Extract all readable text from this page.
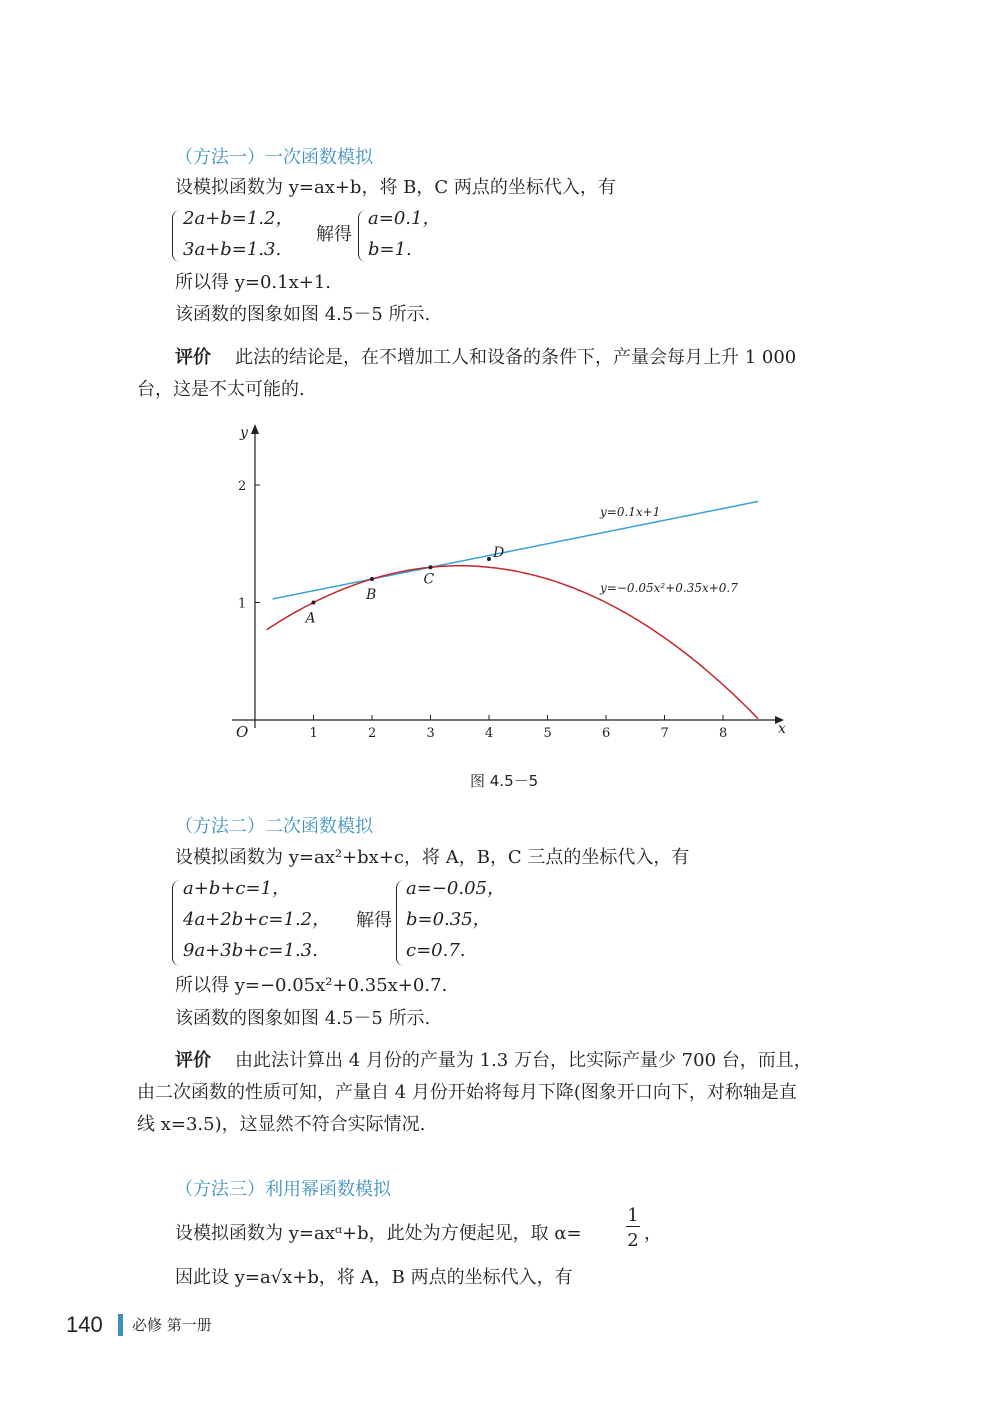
（方法一）一次函数模拟
设模拟函数为 y=ax+b，将 B，C 两点的坐标代入，有
2a+b=1.2，
3a+b=1.3.
解得
a=0.1，
b=1.
所以得 y=0.1x+1.
该函数的图象如图 4.5－5 所示.
评价 此法的结论是，在不增加工人和设备的条件下，产量会每月上升 1 000
台，这是不太可能的.
x
y
O	1	2	3	4	5	6	7	8
1
2
y=0.1x+1
y=−0.05x²+0.35x+0.7
A
B
C
D
图 4.5－5
（方法二）二次函数模拟
设模拟函数为 y=ax²+bx+c，将 A，B，C 三点的坐标代入，有
a+b+c=1，
4a+2b+c=1.2，
9a+3b+c=1.3.
解得
a=−0.05，
b=0.35，
c=0.7.
所以得 y=−0.05x²+0.35x+0.7.
该函数的图象如图 4.5－5 所示.
评价 由此法计算出 4 月份的产量为 1.3 万台，比实际产量少 700 台，而且，
由二次函数的性质可知，产量自 4 月份开始将每月下降(图象开口向下，对称轴是直
线 x=3.5)，这显然不符合实际情况.
（方法三）利用幂函数模拟
设模拟函数为 y=axᵅ+b，此处为方便起见，取 α=
1
2 ，
因此设 y=a√x+b，将 A，B 两点的坐标代入，有
140 必修 第一册
